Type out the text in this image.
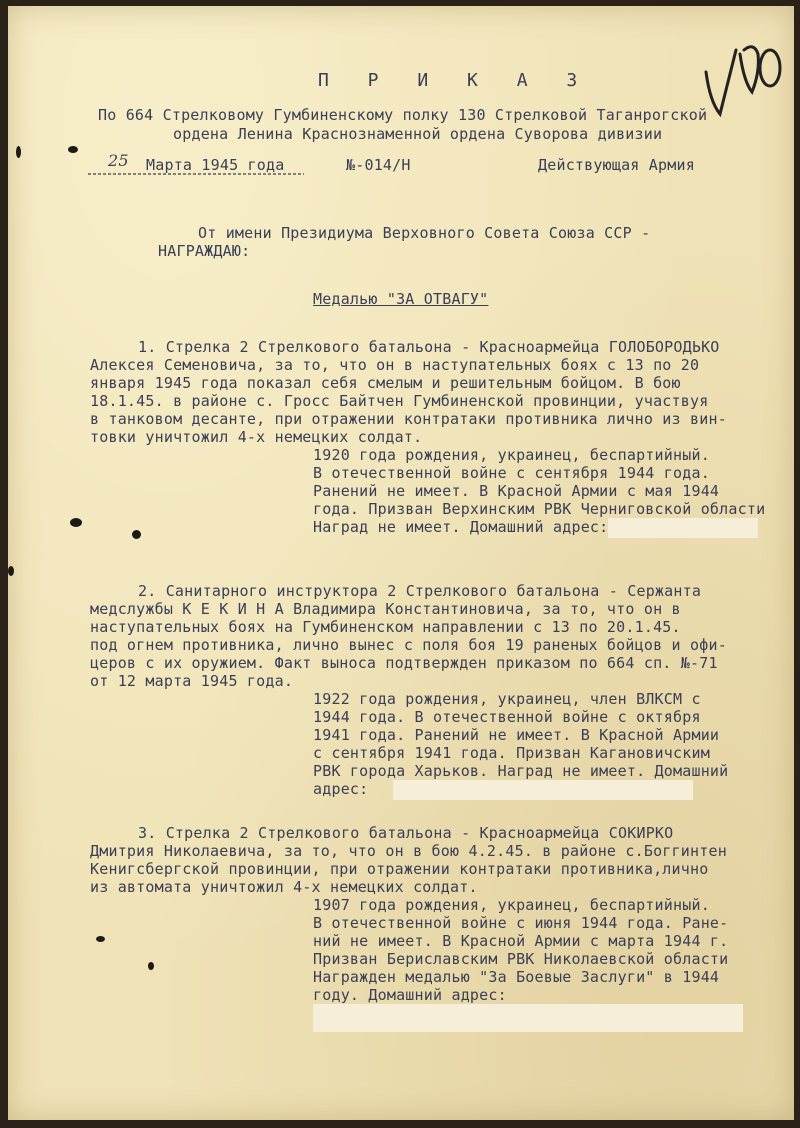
П Р И К А З
По 664 Стрелковому Гумбиненскому полку 130 Стрелковой Таганрогской
ордена Ленина Краснознаменной ордена Суворова дивизии
25 Марта 1945 года	№-014/Н	Действующая Армия
От имени Президиума Верховного Совета Союза ССР -
НАГРАЖДАЮ:
Медалью "ЗА ОТВАГУ"
1. Стрелка 2 Стрелкового батальона - Красноармейца ГОЛОБОРОДЬКО
Алексея Семеновича, за то, что он в наступательных боях с 13 по 20
января 1945 года показал себя смелым и решительным бойцом. В бою
18.1.45. в районе с. Гросс Байтчен Гумбиненской провинции, участвуя
в танковом десанте, при отражении контратаки противника лично из вин-
товки уничтожил 4-х немецких солдат.
1920 года рождения, украинец, беспартийный.
В отечественной войне с сентября 1944 года.
Ранений не имеет. В Красной Армии с мая 1944
года. Призван Верхинским РВК Черниговской области
Наград не имеет. Домашний адрес:
2. Санитарного инструктора 2 Стрелкового батальона - Сержанта
медслужбы К Е К И Н А Владимира Константиновича, за то, что он в
наступательных боях на Гумбиненском направлении с 13 по 20.1.45.
под огнем противника, лично вынес с поля боя 19 раненых бойцов и офи-
церов с их оружием. Факт выноса подтвержден приказом по 664 сп. №-71
от 12 марта 1945 года.
1922 года рождения, украинец, член ВЛКСМ с
1944 года. В отечественной войне с октября
1941 года. Ранений не имеет. В Красной Армии
с сентября 1941 года. Призван Кагановичским
РВК города Харьков. Наград не имеет. Домашний
адрес:
3. Стрелка 2 Стрелкового батальона - Красноармейца СОКИРКО
Дмитрия Николаевича, за то, что он в бою 4.2.45. в районе с.Боггинтен
Кенигсбергской провинции, при отражении контратаки противника,лично
из автомата уничтожил 4-х немецких солдат.
1907 года рождения, украинец, беспартийный.
В отечественной войне с июня 1944 года. Ране-
ний не имеет. В Красной Армии с марта 1944 г.
Призван Бериславским РВК Николаевской области
Награжден медалью "За Боевые Заслуги" в 1944
году. Домашний адрес:
